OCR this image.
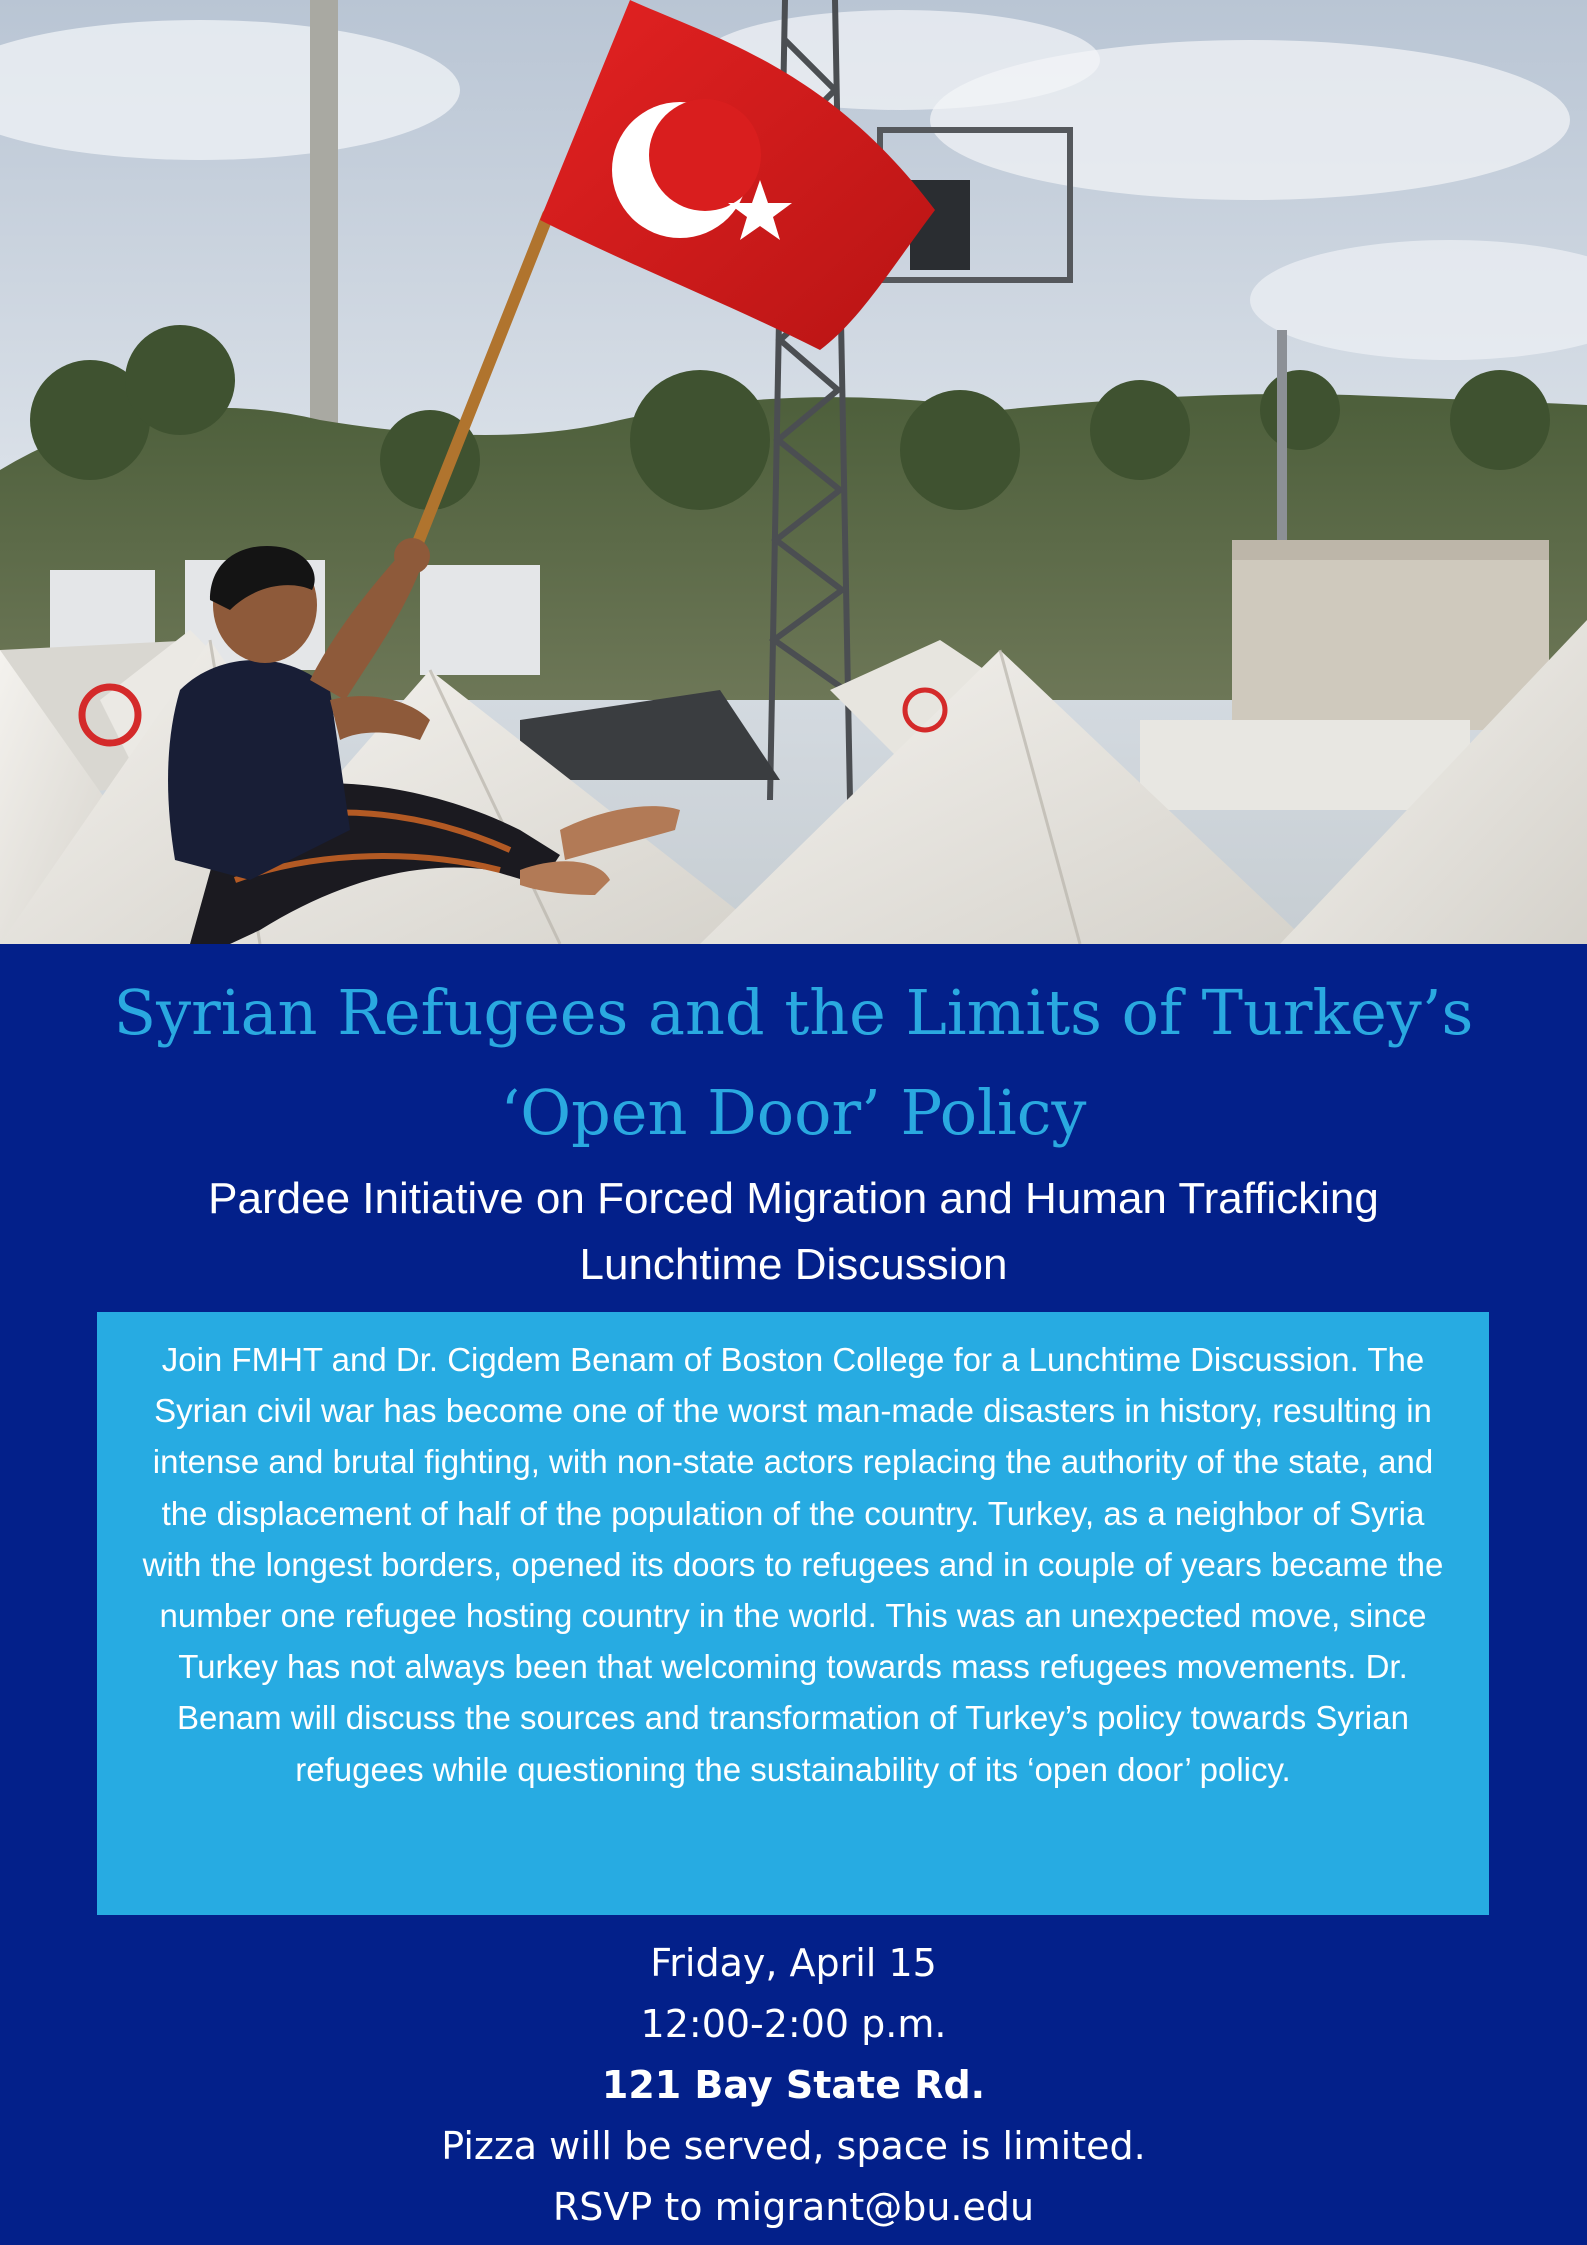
Syrian Refugees and the Limits of Turkey’s
‘Open Door’ Policy
Pardee Initiative on Forced Migration and Human Trafficking
Lunchtime Discussion

Join FMHT and Dr. Cigdem Benam of Boston College for a Lunchtime Discussion. The Syrian civil war has become one of the worst man-made disasters in history, resulting in intense and brutal fighting, with non-state actors replacing the authority of the state, and the displacement of half of the population of the country. Turkey, as a neighbor of Syria with the longest borders, opened its doors to refugees and in couple of years became the number one refugee hosting country in the world. This was an unexpected move, since Turkey has not always been that welcoming towards mass refugees movements. Dr. Benam will discuss the sources and transformation of Turkey’s policy towards Syrian refugees while questioning the sustainability of its ‘open door’ policy.

Friday, April 15
12:00-2:00 p.m.
121 Bay State Rd.
Pizza will be served, space is limited.
RSVP to migrant@bu.edu
